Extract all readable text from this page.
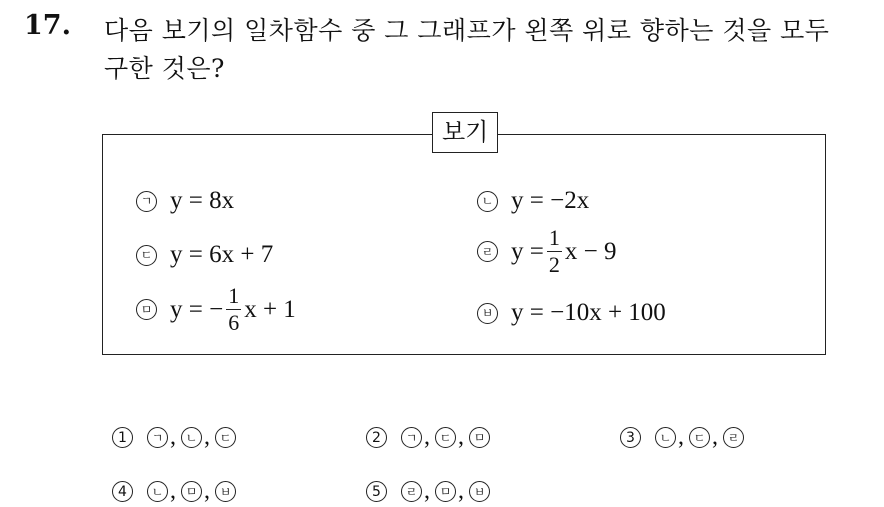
17. 다음 보기의 일차함수 중 그 그래프가 왼쪽 위로 향하는 것을 모두
구한 것은?
보기
ㄱ y = 8x	ㄴ y = −2x
ㄷ y = 6x + 7	ㄹ $y = \frac{1}{2}$ x − 9
ㅁ y = − $\frac{1}{6}$ x + 1	ㅂ y = −10x + 100
1	ㄱ , ㄴ , ㄷ	2	ㄱ , ㄷ , ㅁ	3	ㄴ , ㄷ , ㄹ
4	ㄴ , ㅁ , ㅂ	5	ㄹ , ㅁ , ㅂ
